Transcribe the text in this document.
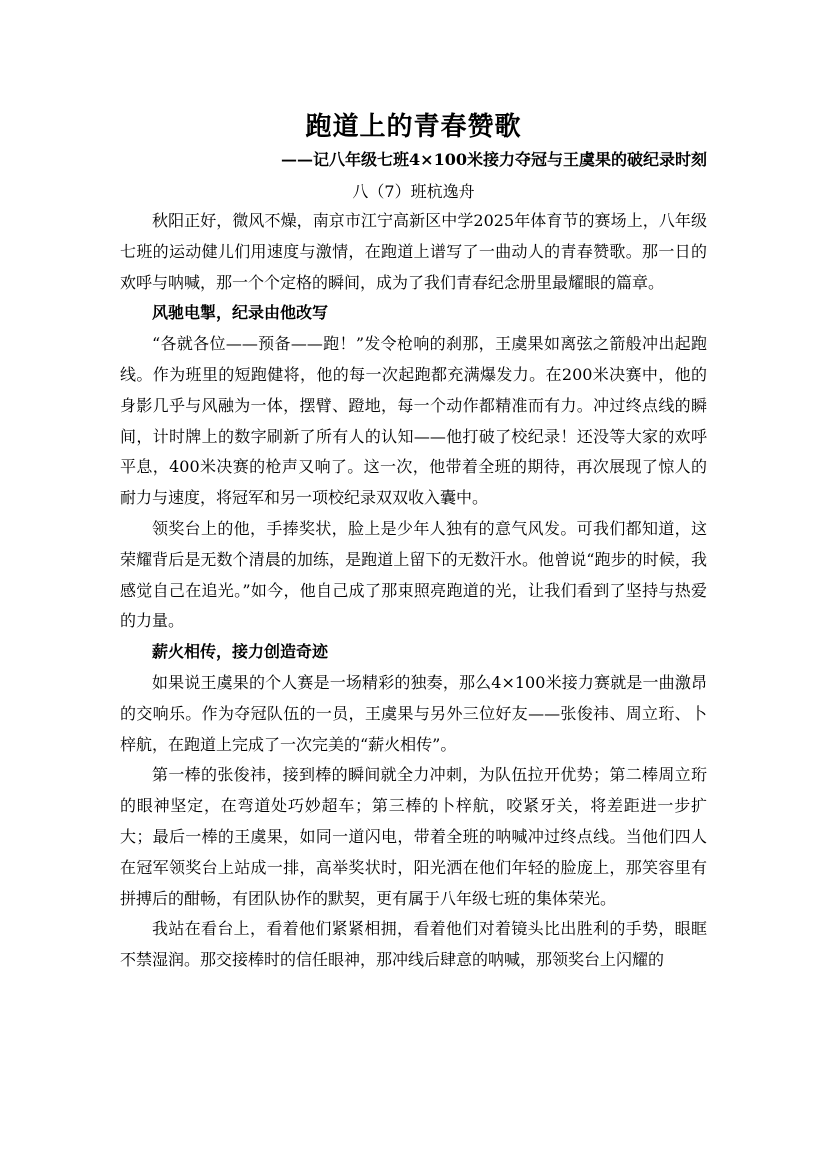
跑道上的青春赞歌
——记八年级七班4×100米接力夺冠与王虞果的破纪录时刻
八（7）班杭逸舟

秋阳正好，微风不燥，南京市江宁高新区中学2025年体育节的赛场上，八年级七班的运动健儿们用速度与激情，在跑道上谱写了一曲动人的青春赞歌。那一日的欢呼与呐喊，那一个个定格的瞬间，成为了我们青春纪念册里最耀眼的篇章。

风驰电掣，纪录由他改写

“各就各位——预备——跑！”发令枪响的刹那，王虞果如离弦之箭般冲出起跑线。作为班里的短跑健将，他的每一次起跑都充满爆发力。在200米决赛中，他的身影几乎与风融为一体，摆臂、蹬地，每一个动作都精准而有力。冲过终点线的瞬间，计时牌上的数字刷新了所有人的认知——他打破了校纪录！还没等大家的欢呼平息，400米决赛的枪声又响了。这一次，他带着全班的期待，再次展现了惊人的耐力与速度，将冠军和另一项校纪录双双收入囊中。

领奖台上的他，手捧奖状，脸上是少年人独有的意气风发。可我们都知道，这荣耀背后是无数个清晨的加练，是跑道上留下的无数汗水。他曾说“跑步的时候，我感觉自己在追光。”如今，他自己成了那束照亮跑道的光，让我们看到了坚持与热爱的力量。

薪火相传，接力创造奇迹

如果说王虞果的个人赛是一场精彩的独奏，那么4×100米接力赛就是一曲激昂的交响乐。作为夺冠队伍的一员，王虞果与另外三位好友——张俊祎、周立珩、卜梓航，在跑道上完成了一次完美的“薪火相传”。

第一棒的张俊祎，接到棒的瞬间就全力冲刺，为队伍拉开优势；第二棒周立珩的眼神坚定，在弯道处巧妙超车；第三棒的卜梓航，咬紧牙关，将差距进一步扩大；最后一棒的王虞果，如同一道闪电，带着全班的呐喊冲过终点线。当他们四人在冠军领奖台上站成一排，高举奖状时，阳光洒在他们年轻的脸庞上，那笑容里有拼搏后的酣畅，有团队协作的默契，更有属于八年级七班的集体荣光。

我站在看台上，看着他们紧紧相拥，看着他们对着镜头比出胜利的手势，眼眶不禁湿润。那交接棒时的信任眼神，那冲线后肆意的呐喊，那领奖台上闪耀的
